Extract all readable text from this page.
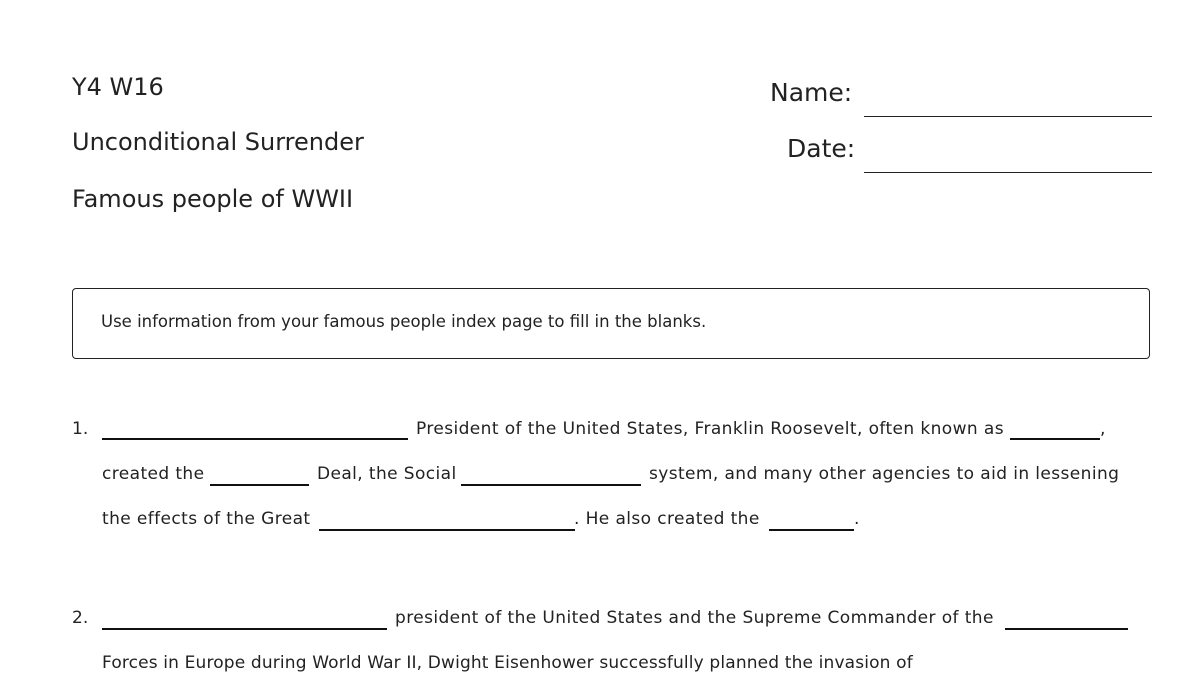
Y4 W16
Unconditional Surrender
Famous people of WWII
Name:
Date:
Use information from your famous people index page to fill in the blanks.
1.	President of the United States, Franklin Roosevelt, often known as	,
created the	Deal, the Social	system, and many other agencies to aid in lessening
the effects of the Great	. He also created the	.
2.	president of the United States and the Supreme Commander of the
Forces in Europe during World War II, Dwight Eisenhower successfully planned the invasion of
